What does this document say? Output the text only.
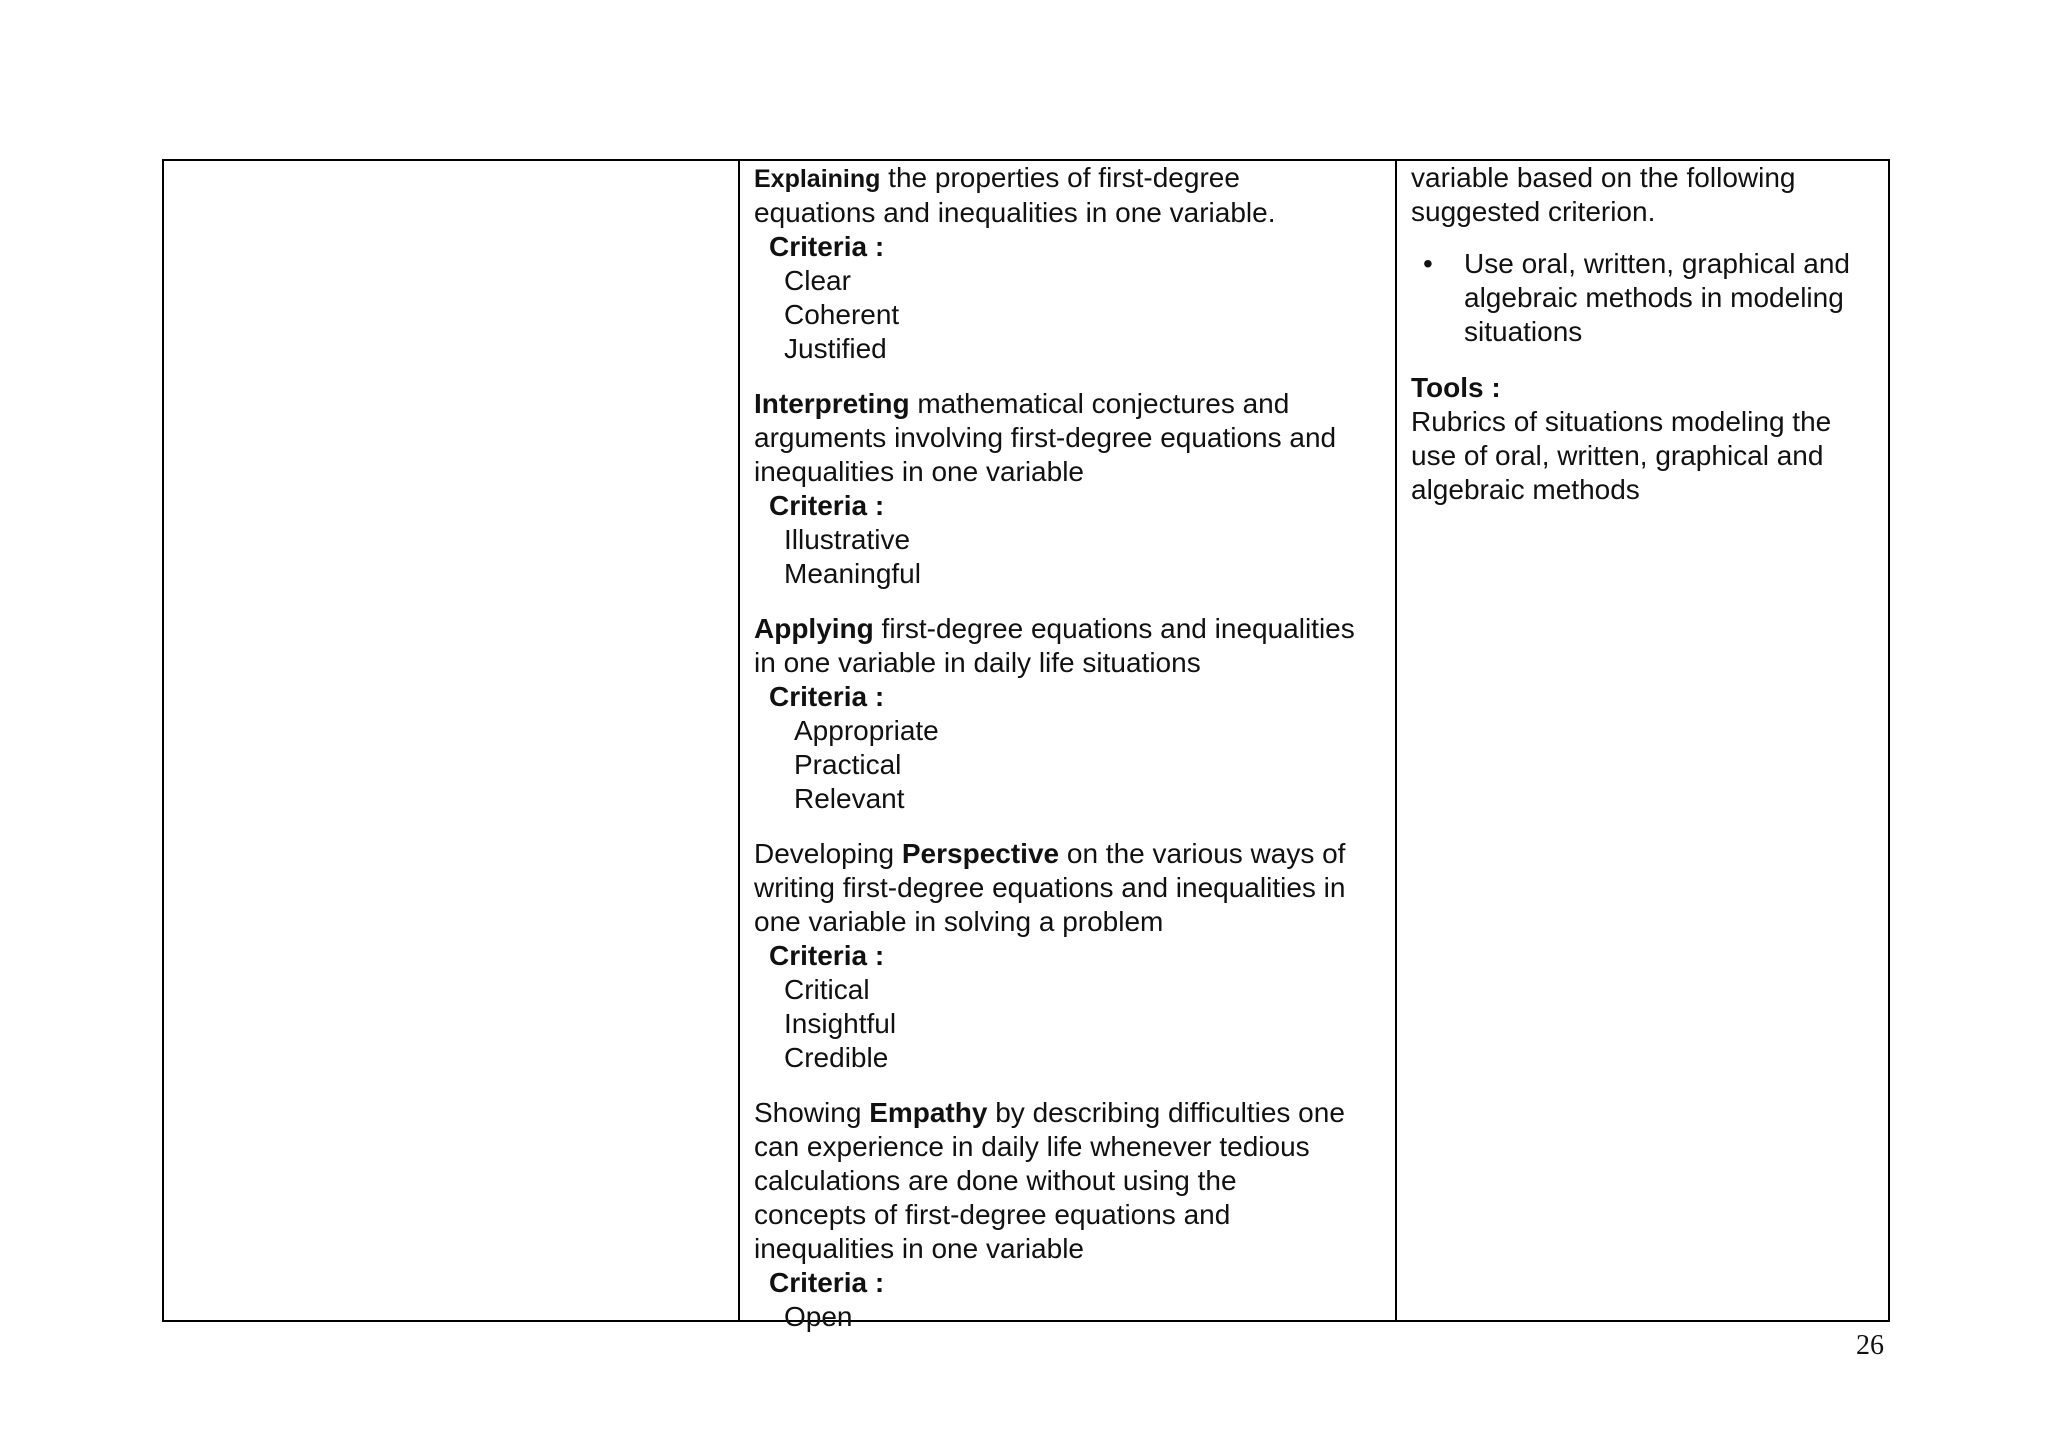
Explaining the properties of first-degree
equations and inequalities in one variable.
Criteria :
Clear
Coherent
Justified
Interpreting mathematical conjectures and
arguments involving first-degree equations and
inequalities in one variable
Criteria :
Illustrative
Meaningful
Applying first-degree equations and inequalities
in one variable in daily life situations
Criteria :
Appropriate
Practical
Relevant
Developing Perspective on the various ways of
writing first-degree equations and inequalities in
one variable in solving a problem
Criteria :
Critical
Insightful
Credible
Showing Empathy by describing difficulties one
can experience in daily life whenever tedious
calculations are done without using the
concepts of first-degree equations and
inequalities in one variable
Criteria :
Open
variable based on the following
suggested criterion.
• Use oral, written, graphical and
algebraic methods in modeling
situations
Tools :
Rubrics of situations modeling the
use of oral, written, graphical and
algebraic methods
26
